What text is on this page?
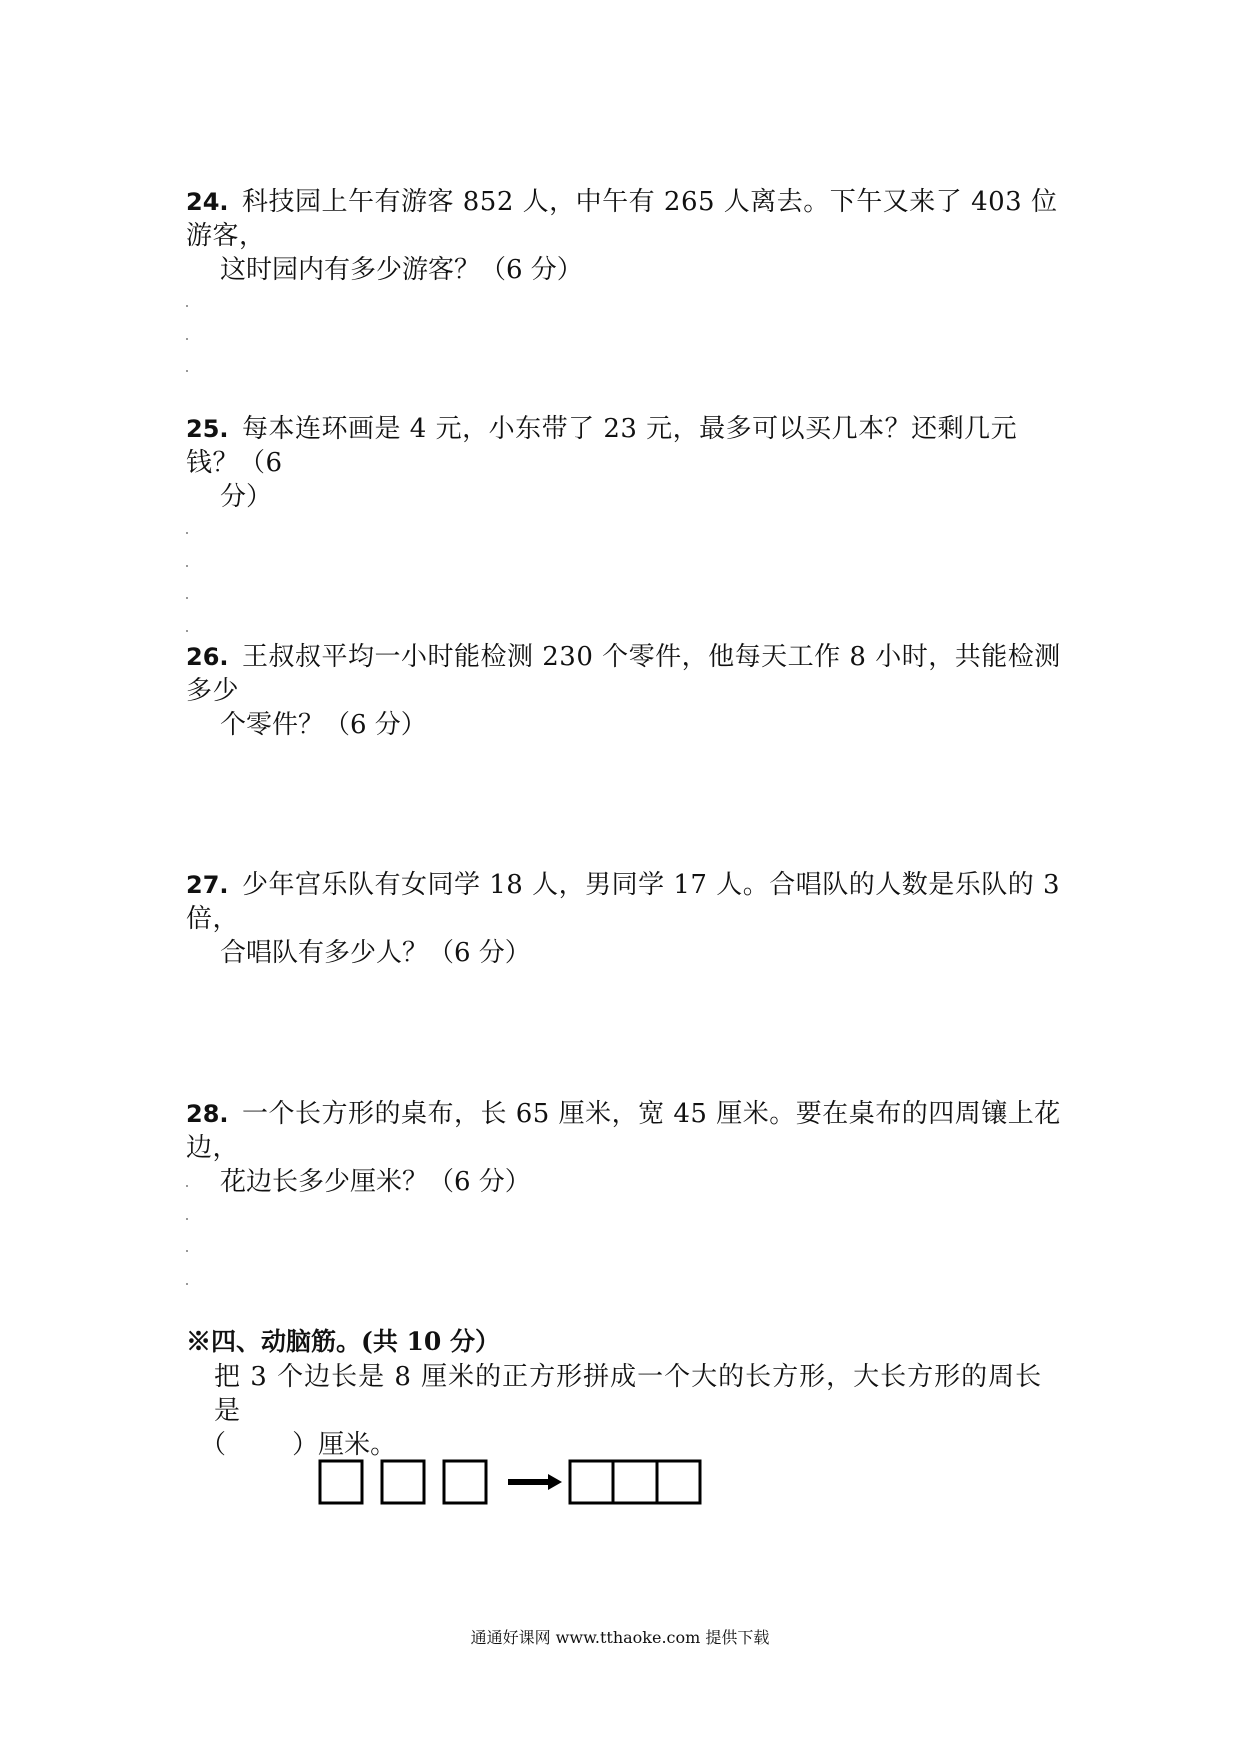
24. 科技园上午有游客 852 人，中午有 265 人离去。下午又来了 403 位游客，
这时园内有多少游客？（6 分）
25. 每本连环画是 4 元，小东带了 23 元，最多可以买几本？还剩几元钱？（6
分）
26. 王叔叔平均一小时能检测 230 个零件，他每天工作 8 小时，共能检测多少
个零件？（6 分）
27. 少年宫乐队有女同学 18 人，男同学 17 人。合唱队的人数是乐队的 3 倍，
合唱队有多少人？（6 分）
28. 一个长方形的桌布，长 65 厘米，宽 45 厘米。要在桌布的四周镶上花边，
花边长多少厘米？（6 分）
※四、动脑筋。(共 10 分）
把 3 个边长是 8 厘米的正方形拼成一个大的长方形，大长方形的周长是
（        ）厘米。
通通好课网 www.tthaoke.com 提供下载
